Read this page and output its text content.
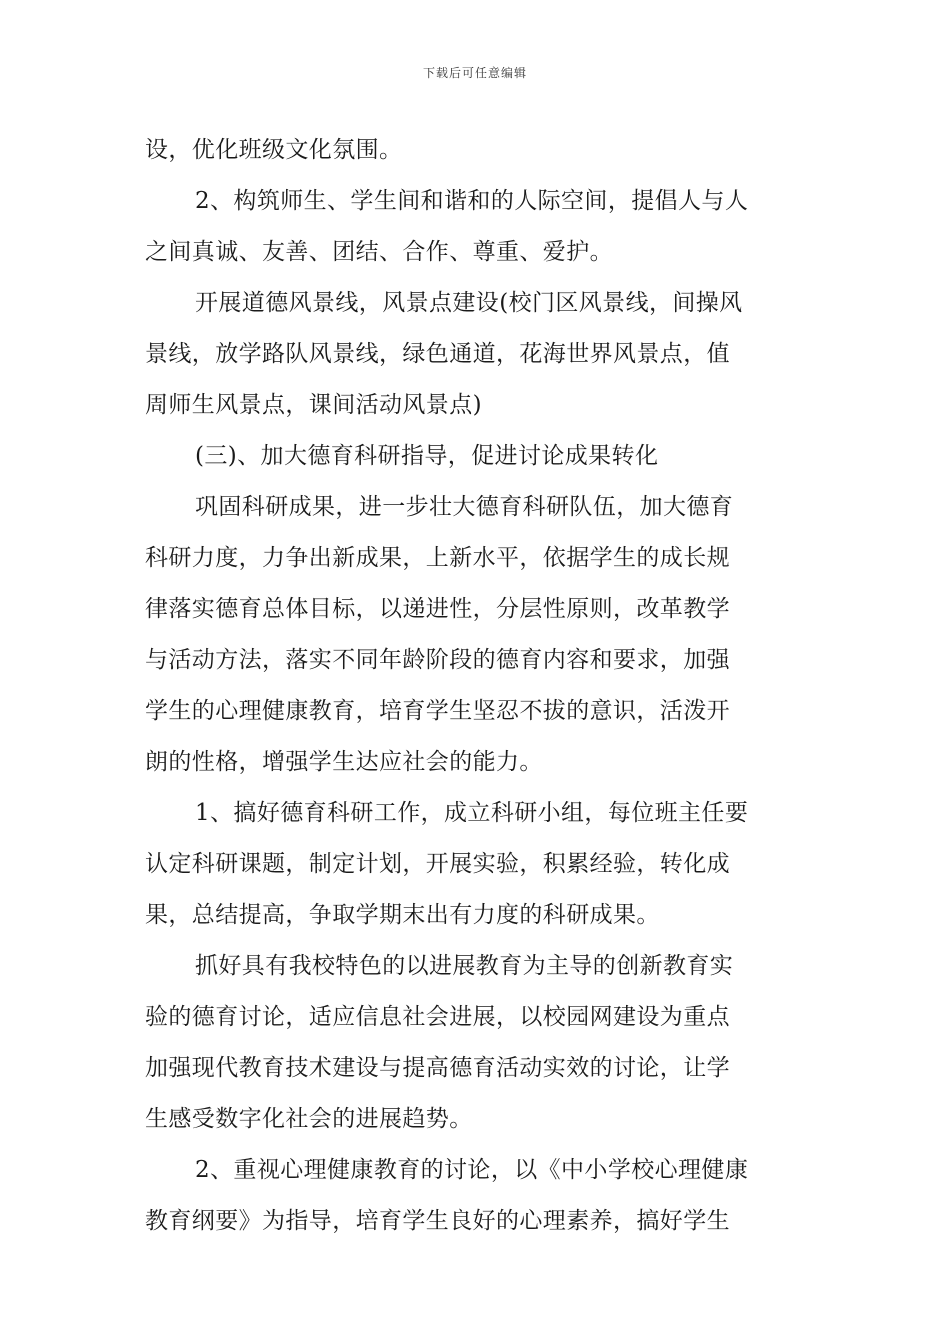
下载后可任意编辑
设，优化班级文化氛围。
2、构筑师生、学生间和谐和的人际空间，提倡人与人
之间真诚、友善、团结、合作、尊重、爱护。
开展道德风景线，风景点建设(校门区风景线，间操风
景线，放学路队风景线，绿色通道，花海世界风景点，值
周师生风景点，课间活动风景点)
(三)、加大德育科研指导，促进讨论成果转化
巩固科研成果，进一步壮大德育科研队伍，加大德育
科研力度，力争出新成果，上新水平，依据学生的成长规
律落实德育总体目标，以递进性，分层性原则，改革教学
与活动方法，落实不同年龄阶段的德育内容和要求，加强
学生的心理健康教育，培育学生坚忍不拔的意识，活泼开
朗的性格，增强学生达应社会的能力。
1、搞好德育科研工作，成立科研小组，每位班主任要
认定科研课题，制定计划，开展实验，积累经验，转化成
果，总结提高，争取学期末出有力度的科研成果。
抓好具有我校特色的以进展教育为主导的创新教育实
验的德育讨论，适应信息社会进展，以校园网建设为重点
加强现代教育技术建设与提高德育活动实效的讨论，让学
生感受数字化社会的进展趋势。
2、重视心理健康教育的讨论，以《中小学校心理健康
教育纲要》为指导，培育学生良好的心理素养，搞好学生
